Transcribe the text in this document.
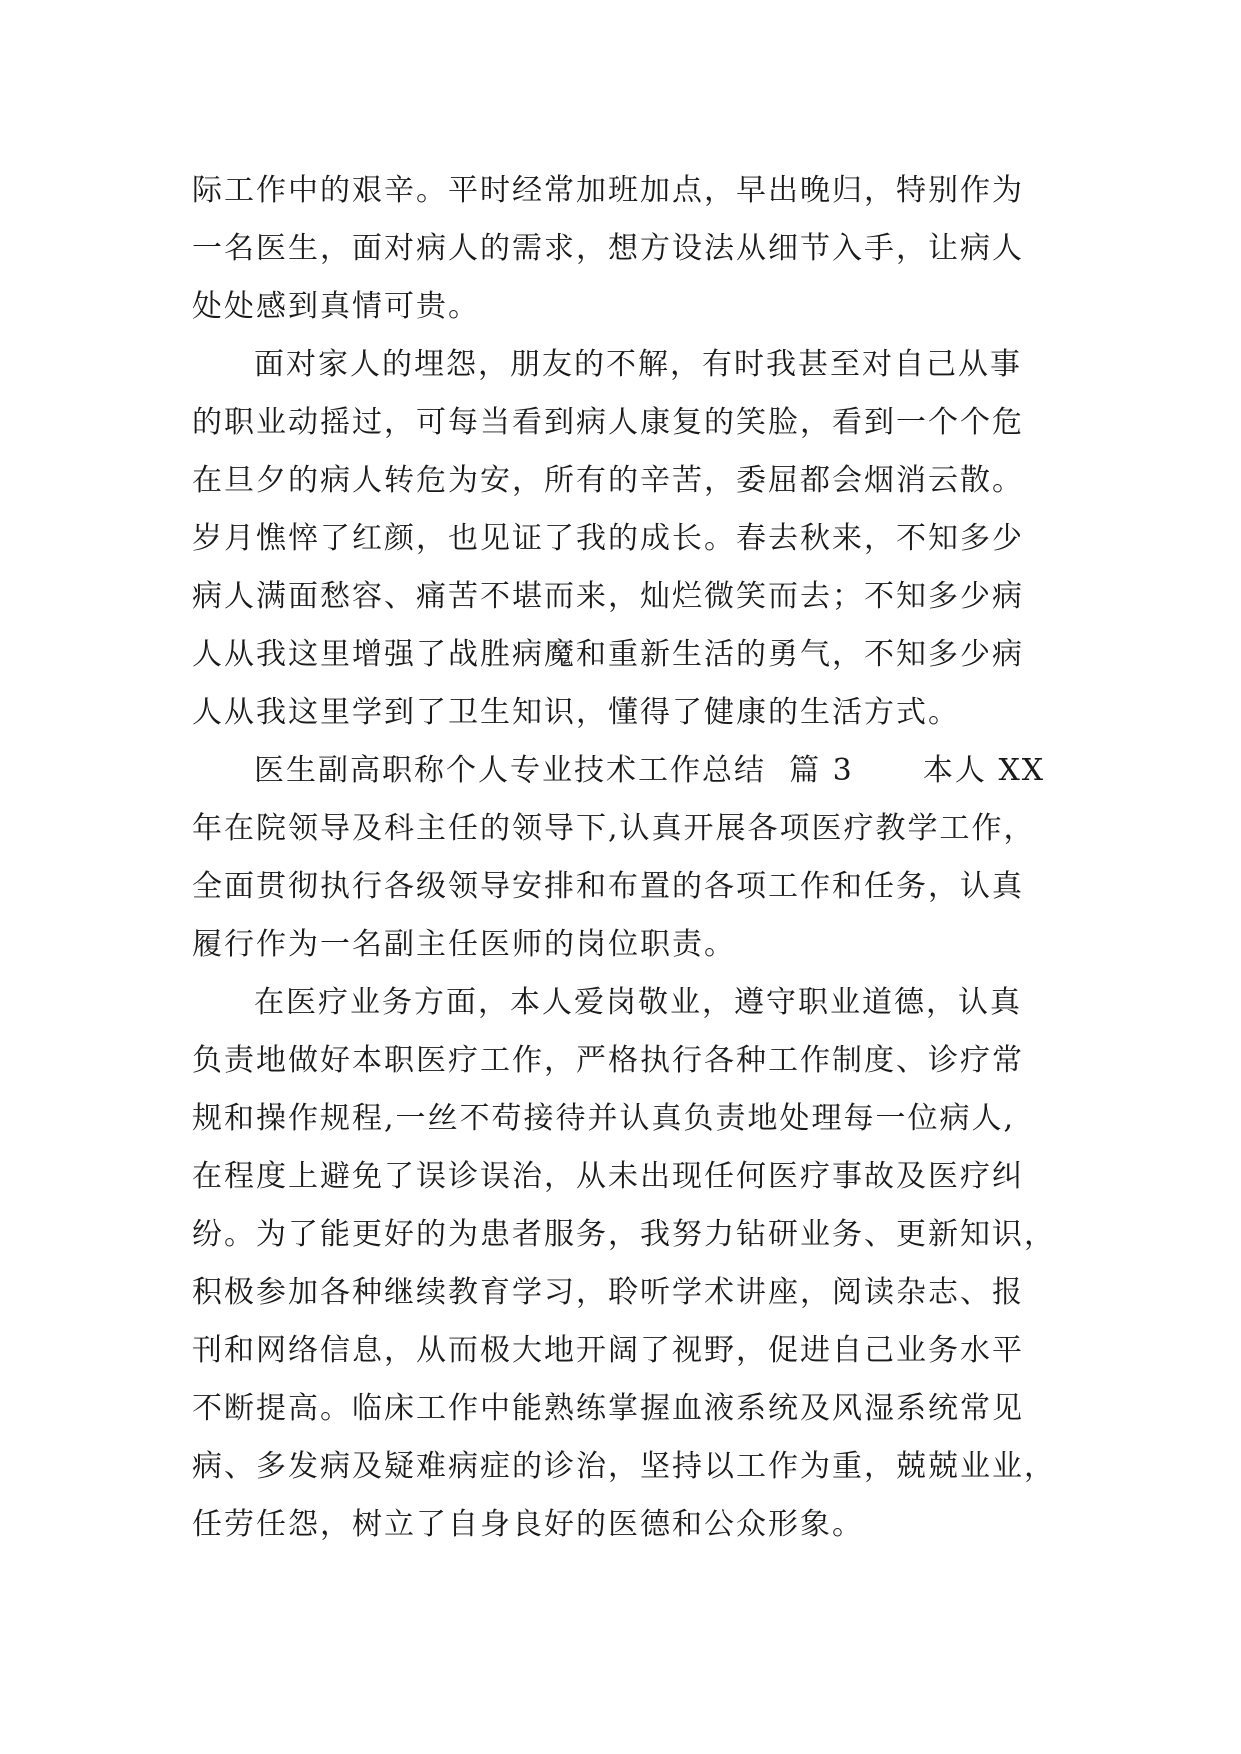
际工作中的艰辛。平时经常加班加点，早出晚归，特别作为
一名医生，面对病人的需求，想方设法从细节入手，让病人
处处感到真情可贵。
面对家人的埋怨，朋友的不解，有时我甚至对自己从事
的职业动摇过，可每当看到病人康复的笑脸，看到一个个危
在旦夕的病人转危为安，所有的辛苦，委屈都会烟消云散。
岁月憔悴了红颜，也见证了我的成长。春去秋来，不知多少
病人满面愁容、痛苦不堪而来，灿烂微笑而去；不知多少病
人从我这里增强了战胜病魔和重新生活的勇气，不知多少病
人从我这里学到了卫生知识，懂得了健康的生活方式。
医生副高职称个人专业技术工作总结  篇 3      本人 XX
年在院领导及科主任的领导下,认真开展各项医疗教学工作，
全面贯彻执行各级领导安排和布置的各项工作和任务，认真
履行作为一名副主任医师的岗位职责。
在医疗业务方面，本人爱岗敬业，遵守职业道德，认真
负责地做好本职医疗工作，严格执行各种工作制度、诊疗常
规和操作规程,一丝不苟接待并认真负责地处理每一位病人,
在程度上避免了误诊误治，从未出现任何医疗事故及医疗纠
纷。为了能更好的为患者服务，我努力钻研业务、更新知识，
积极参加各种继续教育学习，聆听学术讲座，阅读杂志、报
刊和网络信息，从而极大地开阔了视野，促进自己业务水平
不断提高。临床工作中能熟练掌握血液系统及风湿系统常见
病、多发病及疑难病症的诊治，坚持以工作为重，兢兢业业，
任劳任怨，树立了自身良好的医德和公众形象。
